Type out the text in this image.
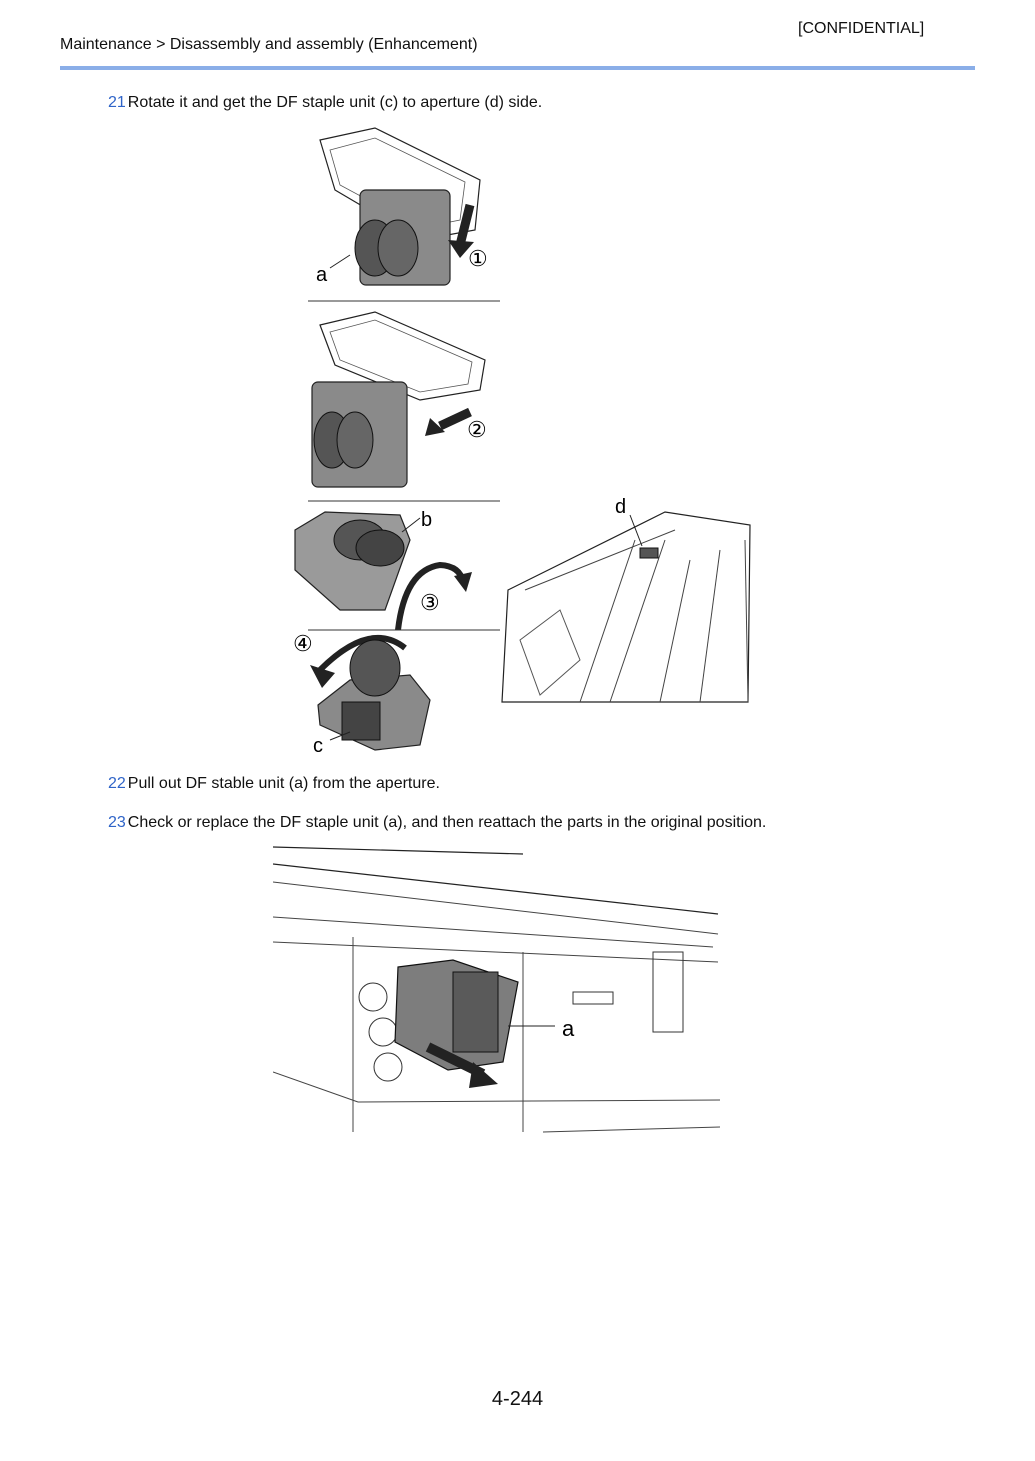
[CONFIDENTIAL]
Maintenance > Disassembly and assembly (Enhancement)
21 Rotate it and get the DF staple unit (c) to aperture (d) side.
a
①
②
b
③
④
c
d
22 Pull out DF stable unit (a) from the aperture.
23 Check or replace the DF staple unit (a), and then reattach the parts in the original position.
a
4-244
